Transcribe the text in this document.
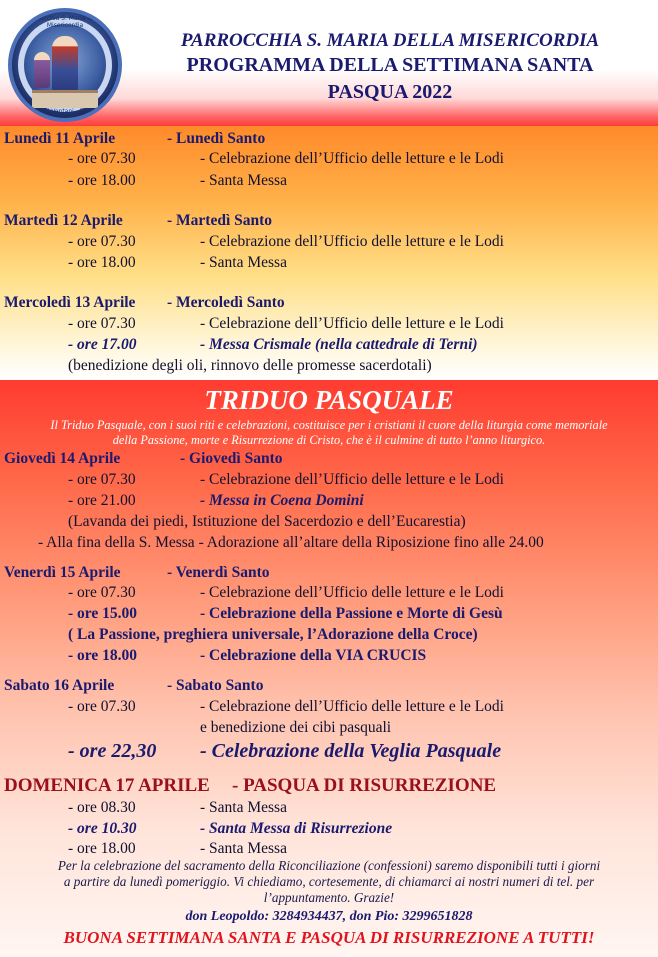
Parrocchia S. Maria della Misericordia
Via Dei Ventani - B. Terni
PARROCCHIA S. MARIA DELLA MISERICORDIA
PROGRAMMA DELLA SETTIMANA SANTA
PASQUA 2022
Lunedì 11 Aprile	- Lunedì Santo
- ore 07.30	- Celebrazione dell’Ufficio delle letture e le Lodi
- ore 18.00	- Santa Messa
Martedì 12 Aprile	- Martedì Santo
- ore 07.30	- Celebrazione dell’Ufficio delle letture e le Lodi
- ore 18.00	- Santa Messa
Mercoledì 13 Aprile - Mercoledì Santo
- ore 07.30	- Celebrazione dell’Ufficio delle letture e le Lodi
- ore 17.00	- Messa Crismale (nella cattedrale di Terni)
(benedizione degli oli, rinnovo delle promesse sacerdotali)
TRIDUO PASQUALE
Il Triduo Pasquale, con i suoi riti e celebrazioni, costituisce per i cristiani il cuore della liturgia come memoriale
della Passione, morte e Risurrezione di Cristo, che è il culmine di tutto l’anno liturgico.
Giovedì 14 Aprile	- Giovedì Santo
- ore 07.30	- Celebrazione dell’Ufficio delle letture e le Lodi
- ore 21.00	- Messa in Coena Domini
(Lavanda dei piedi, Istituzione del Sacerdozio e dell’Eucarestia)
- Alla fina della S. Messa - Adorazione all’altare della Riposizione fino alle 24.00
Venerdì 15 Aprile	- Venerdì Santo
- ore 07.30	- Celebrazione dell’Ufficio delle letture e le Lodi
- ore 15.00	- Celebrazione della Passione e Morte di Gesù
( La Passione, preghiera universale, l’Adorazione della Croce)
- ore 18.00	- Celebrazione della VIA CRUCIS
Sabato 16 Aprile	- Sabato Santo
- ore 07.30	- Celebrazione dell’Ufficio delle letture e le Lodi
e benedizione dei cibi pasquali
- ore 22,30 - Celebrazione della Veglia Pasquale
DOMENICA 17 APRILE - PASQUA DI RISURREZIONE
- ore 08.30	- Santa Messa
- ore 10.30	- Santa Messa di Risurrezione
- ore 18.00	- Santa Messa
Per la celebrazione del sacramento della Riconciliazione (confessioni) saremo disponibili tutti i giorni
a partire da lunedì pomeriggio. Vi chiediamo, cortesemente, di chiamarci ai nostri numeri di tel. per
l’appuntamento. Grazie!
don Leopoldo: 3284934437, don Pio: 3299651828
BUONA SETTIMANA SANTA E PASQUA DI RISURREZIONE A TUTTI!
